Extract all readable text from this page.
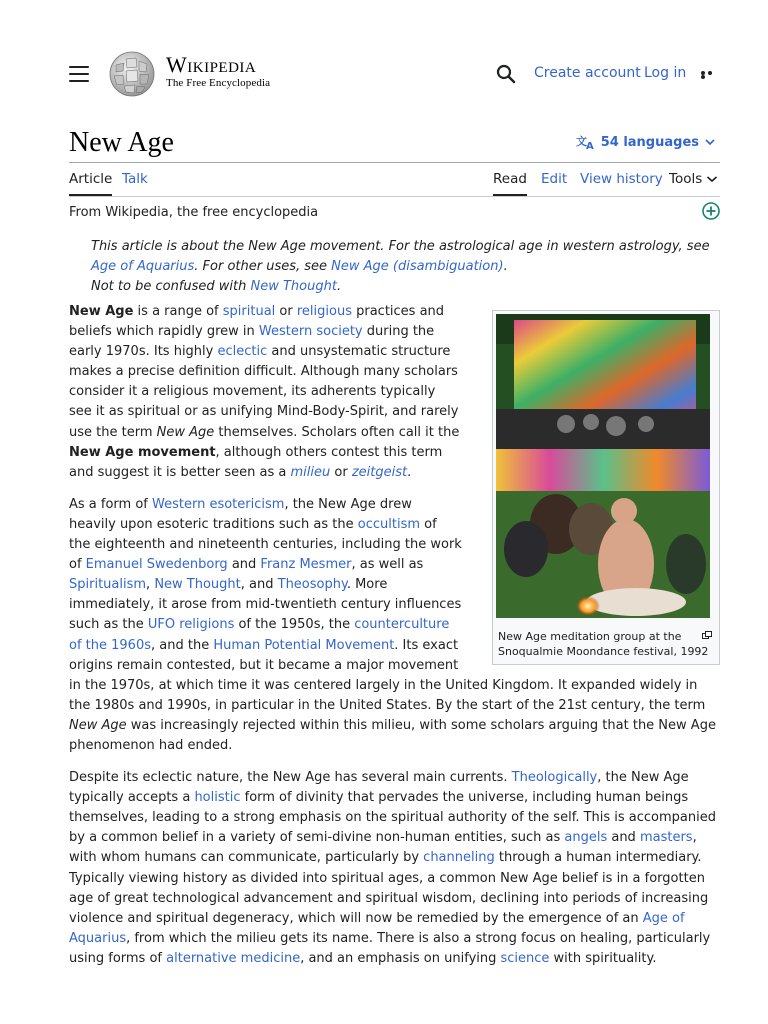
Wikipedia
The Free Encyclopedia
Create account Log in
New Age	文 A 54 languages
Article Talk	Read Edit View history Tools
From Wikipedia, the free encyclopedia

This article is about the New Age movement. For the astrological age in western astrology, see Age of Aquarius. For other uses, see New Age (disambiguation).

Not to be confused with New Thought.

New Age meditation group at the Snoqualmie Moondance festival, 1992

New Age is a range of spiritual or religious practices and beliefs which rapidly grew in Western society during the early 1970s. Its highly eclectic and unsystematic structure makes a precise definition difficult. Although many scholars consider it a religious movement, its adherents typically see it as spiritual or as unifying Mind-Body-Spirit, and rarely use the term New Age themselves. Scholars often call it the New Age movement, although others contest this term and suggest it is better seen as a milieu or zeitgeist.

As a form of Western esotericism, the New Age drew heavily upon esoteric traditions such as the occultism of the eighteenth and nineteenth centuries, including the work of Emanuel Swedenborg and Franz Mesmer, as well as Spiritualism, New Thought, and Theosophy. More immediately, it arose from mid-twentieth century influences such as the UFO religions of the 1950s, the counterculture of the 1960s, and the Human Potential Movement. Its exact origins remain contested, but it became a major movement in the 1970s, at which time it was centered largely in the United Kingdom. It expanded widely in the 1980s and 1990s, in particular in the United States. By the start of the 21st century, the term New Age was increasingly rejected within this milieu, with some scholars arguing that the New Age phenomenon had ended.

Despite its eclectic nature, the New Age has several main currents. Theologically, the New Age typically accepts a holistic form of divinity that pervades the universe, including human beings themselves, leading to a strong emphasis on the spiritual authority of the self. This is accompanied by a common belief in a variety of semi-divine non-human entities, such as angels and masters, with whom humans can communicate, particularly by channeling through a human intermediary. Typically viewing history as divided into spiritual ages, a common New Age belief is in a forgotten age of great technological advancement and spiritual wisdom, declining into periods of increasing violence and spiritual degeneracy, which will now be remedied by the emergence of an Age of Aquarius, from which the milieu gets its name. There is also a strong focus on healing, particularly using forms of alternative medicine, and an emphasis on unifying science with spirituality.
